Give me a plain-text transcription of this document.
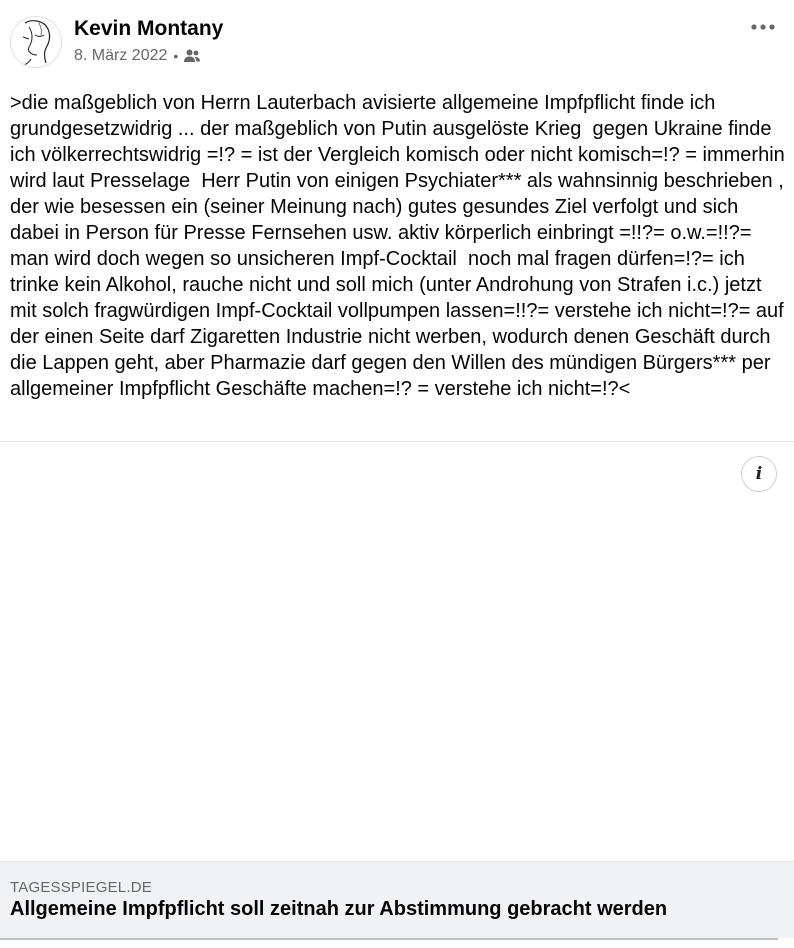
Kevin Montany
8. März 2022 •
>die maßgeblich von Herrn Lauterbach avisierte allgemeine Impfpflicht finde ich grundgesetzwidrig ... der maßgeblich von Putin ausgelöste Krieg  gegen Ukraine finde ich völkerrechtswidrig =!? = ist der Vergleich komisch oder nicht komisch=!? = immerhin wird laut Presselage  Herr Putin von einigen Psychiater*** als wahnsinnig beschrieben , der wie besessen ein (seiner Meinung nach) gutes gesundes Ziel verfolgt und sich dabei in Person für Presse Fernsehen usw. aktiv körperlich einbringt =!!?= o.w.=!!?= man wird doch wegen so unsicheren Impf-Cocktail  noch mal fragen dürfen=!?= ich trinke kein Alkohol, rauche nicht und soll mich (unter Androhung von Strafen i.c.) jetzt mit solch fragwürdigen Impf-Cocktail vollpumpen lassen=!!?= verstehe ich nicht=!?= auf der einen Seite darf Zigaretten Industrie nicht werben, wodurch denen Geschäft durch die Lappen geht, aber Pharmazie darf gegen den Willen des mündigen Bürgers*** per allgemeiner Impfpflicht Geschäfte machen=!? = verstehe ich nicht=!?<
i
TAGESSPIEGEL.DE
Allgemeine Impfpflicht soll zeitnah zur Abstimmung gebracht werden
